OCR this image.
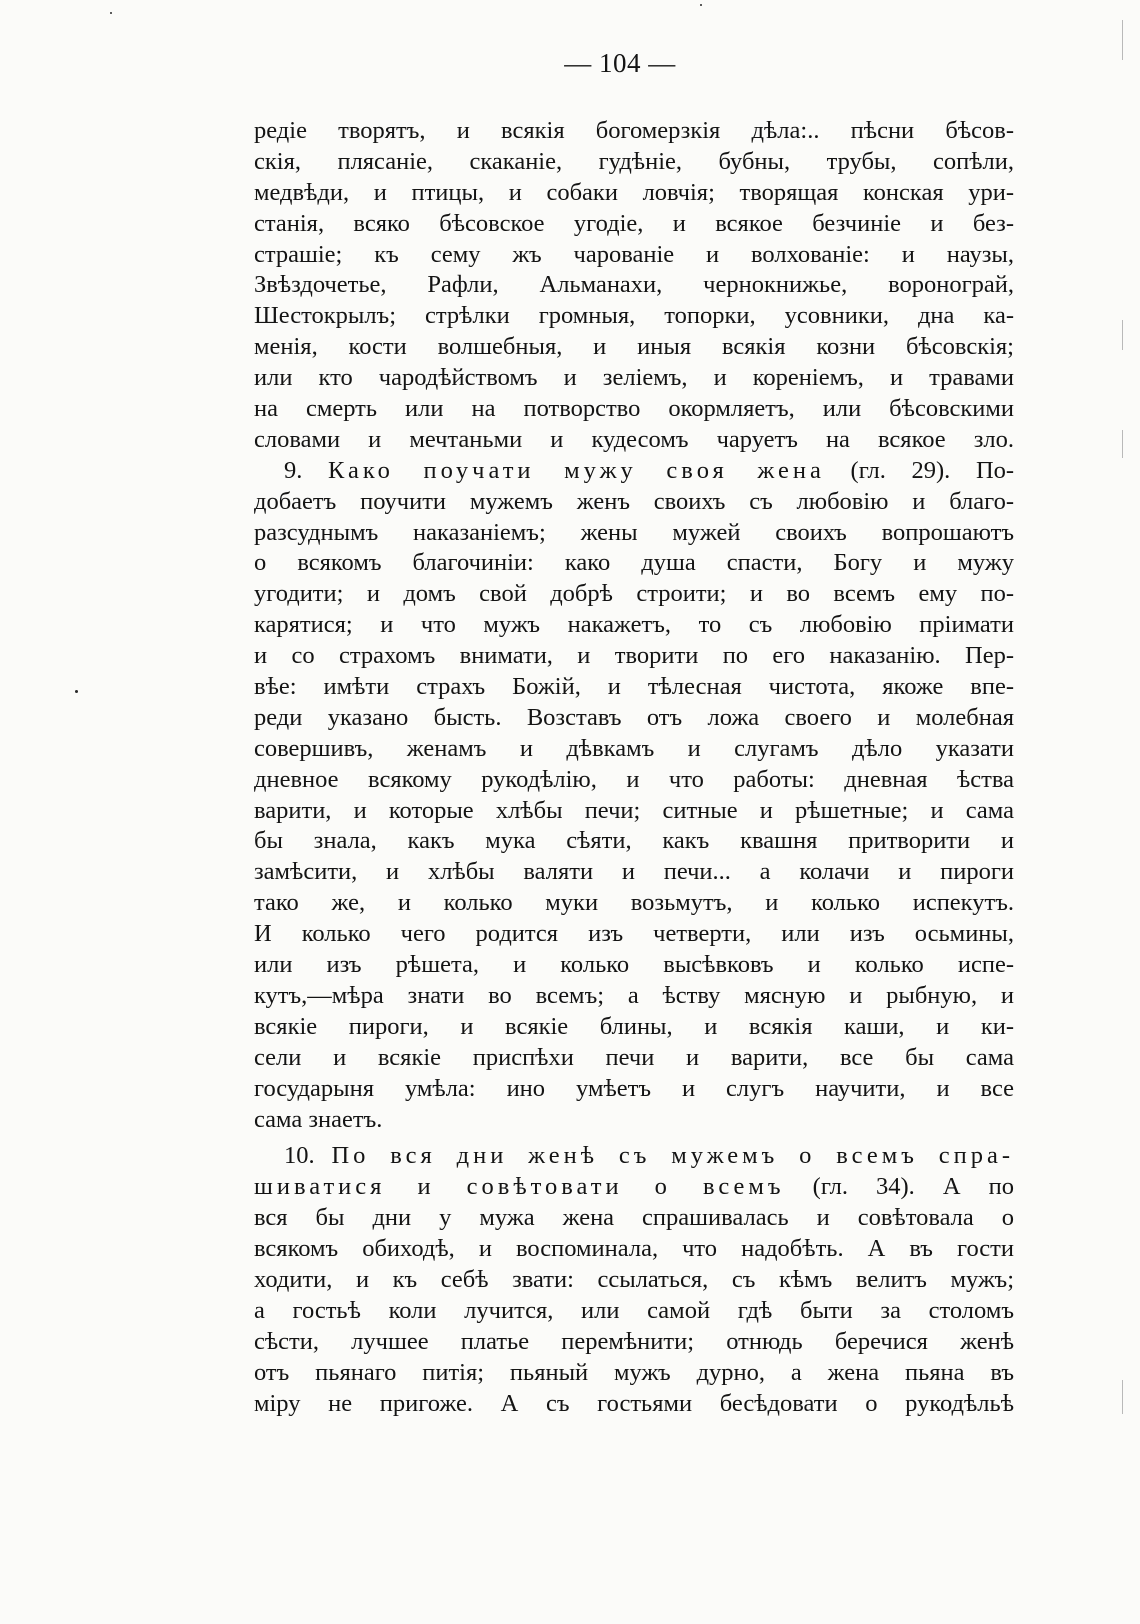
— 104 —
редіе творятъ, и всякія богомерзкія дѣла:.. пѣсни бѣсов-
скія, плясаніе, скаканіе, гудѣніе, бубны, трубы, сопѣли,
медвѣди, и птицы, и собаки ловчія; творящая конская ури-
станія, всяко бѣсовское угодіе, и всякое безчиніе и без-
страшіе; къ сему жъ чарованіе и волхованіе: и наузы,
Звѣздочетье, Рафли, Альманахи, чернокнижье, воронограй,
Шестокрылъ; стрѣлки громныя, топорки, усовники, дна ка-
менія, кости волшебныя, и иныя всякія козни бѣсовскія;
или кто чародѣйствомъ и зеліемъ, и кореніемъ, и травами
на смерть или на потворство окормляетъ, или бѣсовскими
словами и мечтаньми и кудесомъ чаруетъ на всякое зло.
9. Како поучати мужу своя жена (гл. 29). По-
добаетъ поучити мужемъ женъ своихъ съ любовію и благо-
разсуднымъ наказаніемъ; жены мужей своихъ вопрошаютъ
о всякомъ благочиніи: како душа спасти, Богу и мужу
угодити; и домъ свой добрѣ строити; и во всемъ ему по-
карятися; и что мужъ накажетъ, то съ любовію пріимати
и со страхомъ внимати, и творити по его наказанію. Пер-
вѣе: имѣти страхъ Божій, и тѣлесная чистота, якоже впе-
реди указано бысть. Возставъ отъ ложа своего и молебная
совершивъ, женамъ и дѣвкамъ и слугамъ дѣло указати
дневное всякому рукодѣлію, и что работы: дневная ѣства
варити, и которые хлѣбы печи; ситные и рѣшетные; и сама
бы знала, какъ мука сѣяти, какъ квашня притворити и
замѣсити, и хлѣбы валяти и печи... а колачи и пироги
тако же, и колько муки возьмутъ, и колько испекутъ.
И колько чего родится изъ четверти, или изъ осьмины,
или изъ рѣшета, и колько высѣвковъ и колько испе-
кутъ,—мѣра знати во всемъ; а ѣству мясную и рыбную, и
всякіе пироги, и всякіе блины, и всякія каши, и ки-
сели и всякіе приспѣхи печи и варити, все бы сама
государыня умѣла: ино умѣетъ и слугъ научити, и все
сама знаетъ.
10. По вся дни женѣ съ мужемъ о всемъ спра-
шиватися и совѣтовати о всемъ (гл. 34). А по
вся бы дни у мужа жена спрашивалась и совѣтовала о
всякомъ обиходѣ, и воспоминала, что надобѣть. А въ гости
ходити, и къ себѣ звати: ссылаться, съ кѣмъ велитъ мужъ;
а гостьѣ коли лучится, или самой гдѣ быти за столомъ
сѣсти, лучшее платье перемѣнити; отнюдь беречися женѣ
отъ пьянаго питія; пьяный мужъ дурно, а жена пьяна въ
міру не пригоже. А съ гостьями бесѣдовати о рукодѣльѣ
